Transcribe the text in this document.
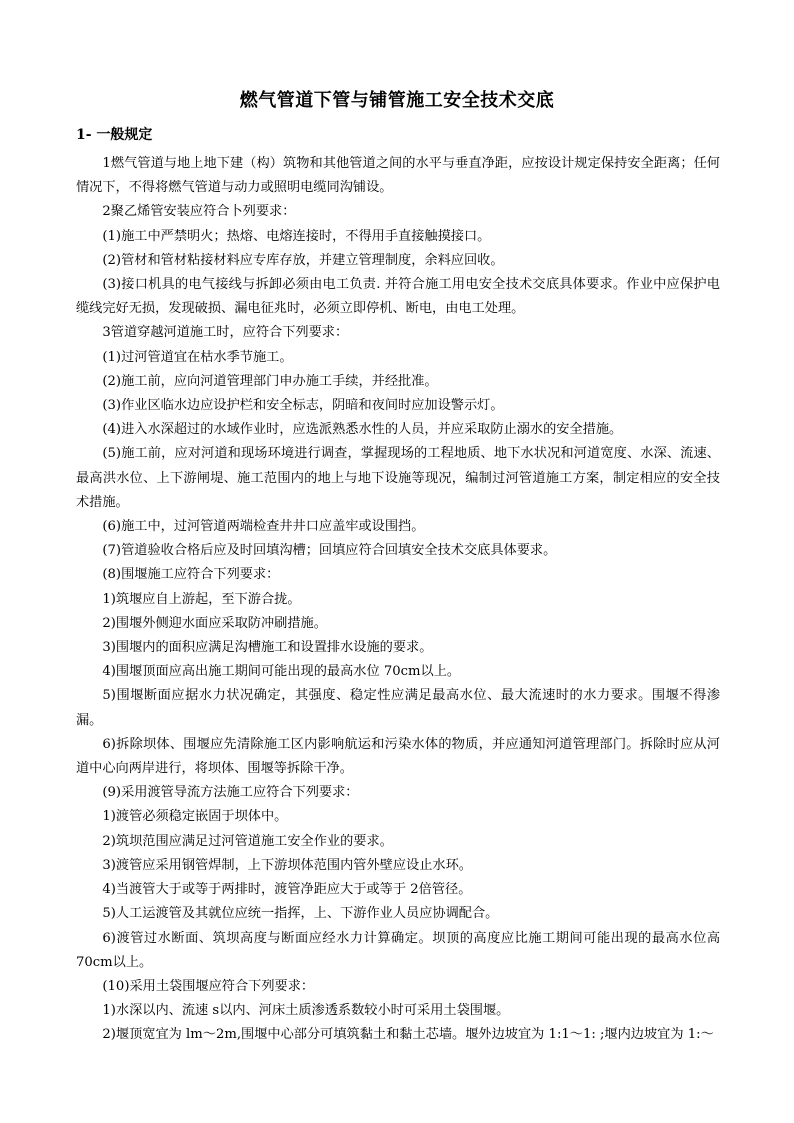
燃气管道下管与铺管施工安全技术交底
1- 一般规定

1燃气管道与地上地下建（构）筑物和其他管道之间的水平与垂直净距，应按设计规定保持安全距离；任何情况下，不得将燃气管道与动力或照明电缆同沟铺设。

2聚乙烯管安装应符合卜列要求：

(1)施工中严禁明火；热熔、电熔连接时，不得用手直接触摸接口。

(2)管材和管材粘接材料应专库存放，并建立管理制度，余料应回收。

(3)接口机具的电气接线与拆卸必须由电工负责. 并符合施工用电安全技术交底具体要求。作业中应保护电缆线完好无损，发现破损、漏电征兆时，必须立即停机、断电，由电工处理。

3管道穿越河道施工时，应符合下列要求：

(1)过河管道宜在枯水季节施工。

(2)施工前，应向河道管理部门申办施工手续，并经批准。

(3)作业区临水边应设护栏和安全标志，阴暗和夜间时应加设警示灯。

(4)进入水深超过的水域作业时，应选派熟悉水性的人员，并应采取防止溺水的安全措施。

(5)施工前，应对河道和现场环境进行调查，掌握现场的工程地质、地下水状况和河道宽度、水深、流速、最高洪水位、上下游闸堤、施工范围内的地上与地下设施等现况，编制过河管道施工方案，制定相应的安全技术措施。

(6)施工中，过河管道两端检查井井口应盖牢或设围挡。

(7)管道验收合格后应及时回填沟槽；回填应符合回填安全技术交底具体要求。

(8)围堰施工应符合下列要求：

1)筑堰应自上游起，至下游合拢。

2)围堰外侧迎水面应采取防冲刷措施。

3)围堰内的面积应满足沟槽施工和设置排水设施的要求。

4)围堰顶面应高出施工期间可能出现的最高水位 70cm以上。

5)围堰断面应据水力状况确定，其强度、稳定性应满足最高水位、最大流速时的水力要求。围堰不得渗漏。

6)拆除坝体、围堰应先清除施工区内影响航运和污染水体的物质，并应通知河道管理部门。拆除时应从河道中心向两岸进行，将坝体、围堰等拆除干净。

(9)采用渡管导流方法施工应符合下列要求：

1)渡管必须稳定嵌固于坝体中。

2)筑坝范围应满足过河管道施工安全作业的要求。

3)渡管应采用钢管焊制，上下游坝体范围内管外壁应设止水环。

4)当渡管大于或等于两排时，渡管净距应大于或等于 2倍管径。

5)人工运渡管及其就位应统一指挥，上、下游作业人员应协调配合。

6)渡管过水断面、筑坝高度与断面应经水力计算确定。坝顶的高度应比施工期间可能出现的最高水位高 70cm以上。

(10)采用土袋围堰应符合下列要求：

1)水深以内、流速 s以内、河床土质渗透系数较小时可采用土袋围堰。

2)堰顶宽宜为 lm～2m,围堰中心部分可填筑黏土和黏土芯墙。堰外边坡宜为 1:1～1: ;堰内边坡宜为 1:～
